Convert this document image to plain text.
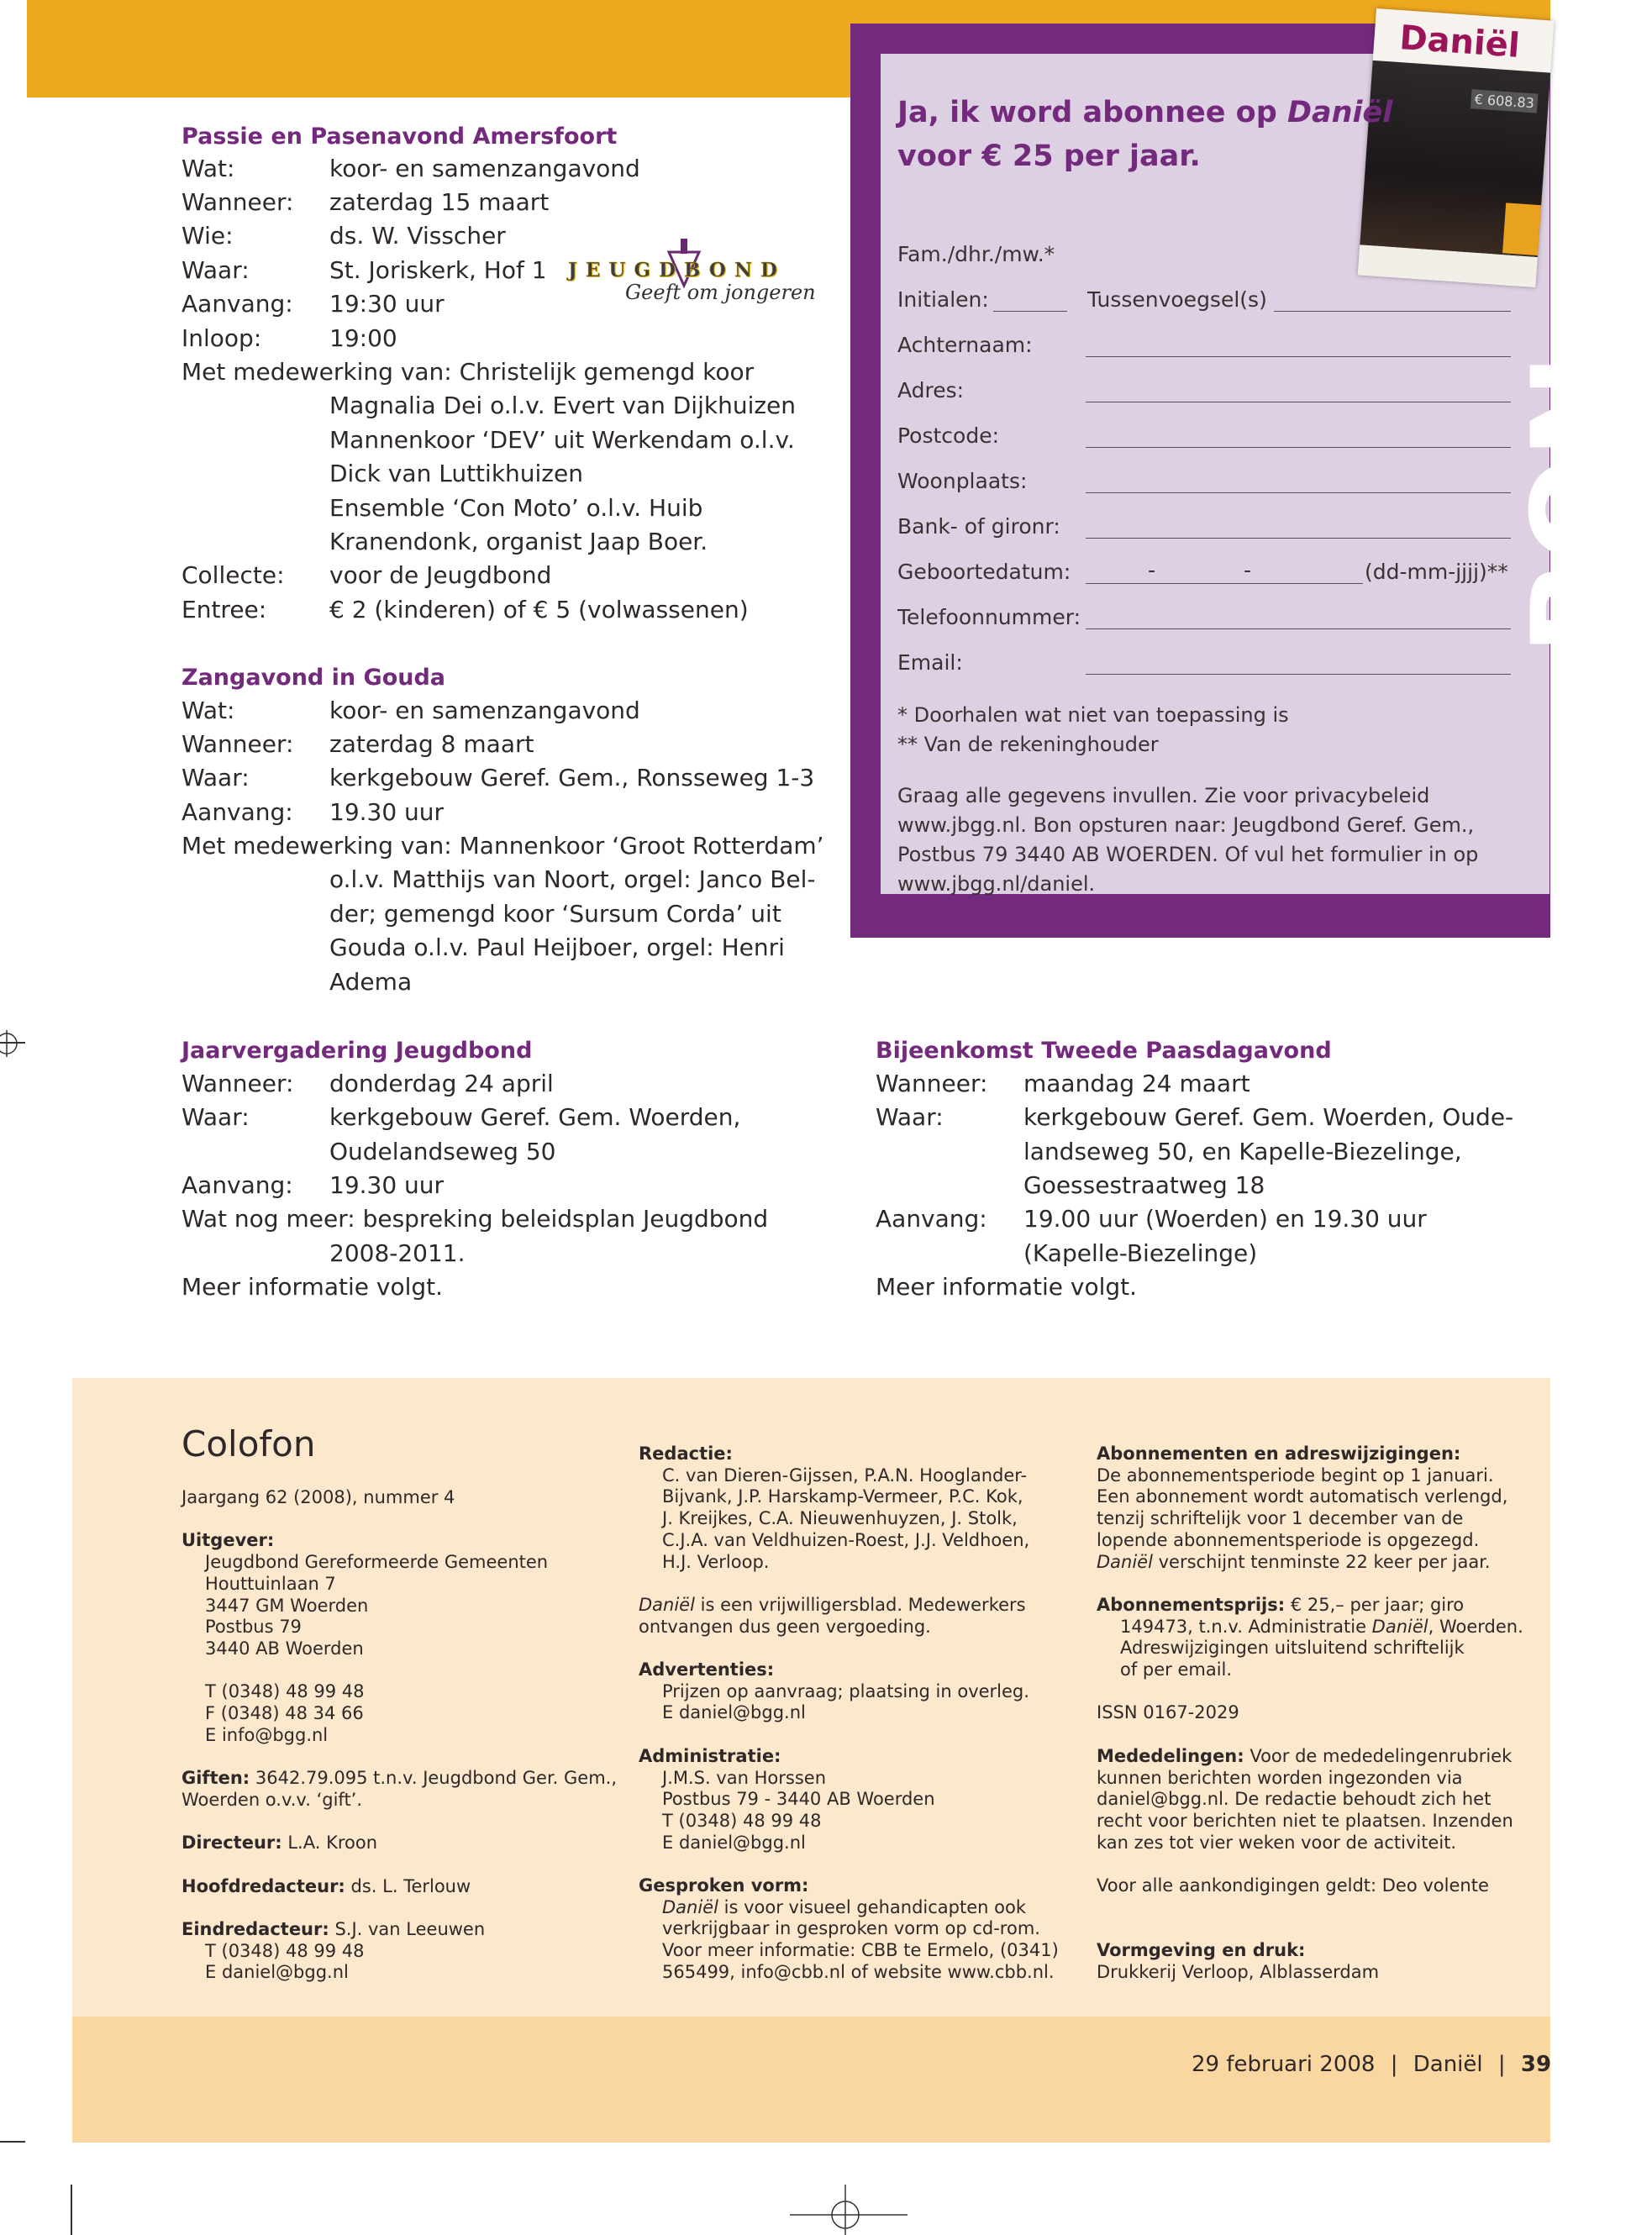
BON
Daniël
€ 608.83
Ja, ik word abonnee op Daniël
voor € 25 per jaar.
Fam./dhr./mw.*
Initialen:	Tussenvoegsel(s)
Achternaam:
Adres:
Postcode:
Woonplaats:
Bank- of gironr:
Geboortedatum:	-	-	(dd-mm-jjjj)**
Telefoonnummer:
Email:
* Doorhalen wat niet van toepassing is
** Van de rekeninghouder
Graag alle gegevens invullen. Zie voor privacybeleid
www.jbgg.nl. Bon opsturen naar: Jeugdbond Geref. Gem.,
Postbus 79 3440 AB WOERDEN. Of vul het formulier in op
www.jbgg.nl/daniel.
JEUGDBOND
Geeft om jongeren
Passie en Pasenavond Amersfoort
Wat:	koor- en samenzangavond
Wanneer: zaterdag 15 maart
Wie:	ds. W. Visscher
Waar:	St. Joriskerk, Hof 1
Aanvang: 19:30 uur
Inloop:	19:00
Met medewerking van: Christelijk gemengd koor
Magnalia Dei o.l.v. Evert van Dijkhuizen
Mannenkoor ‘DEV’ uit Werkendam o.l.v.
Dick van Luttikhuizen
Ensemble ‘Con Moto’ o.l.v. Huib
Kranendonk, organist Jaap Boer.
Collecte: voor de Jeugdbond
Entree:	€ 2 (kinderen) of € 5 (volwassenen)
Zangavond in Gouda
Wat:	koor- en samenzangavond
Wanneer: zaterdag 8 maart
Waar:	kerkgebouw Geref. Gem., Ronsseweg 1-3
Aanvang: 19.30 uur
Met medewerking van: Mannenkoor ‘Groot Rotterdam’
o.l.v. Matthijs van Noort, orgel: Janco Bel-
der; gemengd koor ‘Sursum Corda’ uit
Gouda o.l.v. Paul Heijboer, orgel: Henri
Adema
Jaarvergadering Jeugdbond
Wanneer: donderdag 24 april
Waar:	kerkgebouw Geref. Gem. Woerden,
Oudelandseweg 50
Aanvang: 19.30 uur
Wat nog meer: bespreking beleidsplan Jeugdbond
2008-2011.
Meer informatie volgt.
Bijeenkomst Tweede Paasdagavond
Wanneer: maandag 24 maart
Waar:	kerkgebouw Geref. Gem. Woerden, Oude-
landseweg 50, en Kapelle-Biezelinge,
Goessestraatweg 18
Aanvang: 19.00 uur (Woerden) en 19.30 uur
(Kapelle-Biezelinge)
Meer informatie volgt.
Colofon
Jaargang 62 (2008), nummer 4

Uitgever:
Jeugdbond Gereformeerde Gemeenten
Houttuinlaan 7
3447 GM Woerden
Postbus 79
3440 AB Woerden

T (0348) 48 99 48
F (0348) 48 34 66
E info@bgg.nl

Giften: 3642.79.095 t.n.v. Jeugdbond Ger. Gem.,
Woerden o.v.v. ‘gift’.

Directeur: L.A. Kroon

Hoofdredacteur: ds. L. Terlouw

Eindredacteur: S.J. van Leeuwen
T (0348) 48 99 48
E daniel@bgg.nl
Redactie:
C. van Dieren-Gijssen, P.A.N. Hooglander-
Bijvank, J.P. Harskamp-Vermeer, P.C. Kok,
J. Kreijkes, C.A. Nieuwenhuyzen, J. Stolk,
C.J.A. van Veldhuizen-Roest, J.J. Veldhoen,
H.J. Verloop.

Daniël is een vrijwilligersblad. Medewerkers
ontvangen dus geen vergoeding.

Advertenties:
Prijzen op aanvraag; plaatsing in overleg.
E daniel@bgg.nl

Administratie:
J.M.S. van Horssen
Postbus 79 - 3440 AB Woerden
T (0348) 48 99 48
E daniel@bgg.nl

Gesproken vorm:
Daniël is voor visueel gehandicapten ook
verkrijgbaar in gesproken vorm op cd-rom.
Voor meer informatie: CBB te Ermelo, (0341)
565499, info@cbb.nl of website www.cbb.nl.
Abonnementen en adreswijzigingen:
De abonnementsperiode begint op 1 januari.
Een abonnement wordt automatisch verlengd,
tenzij schriftelijk voor 1 december van de
lopende abonnementsperiode is opgezegd.
Daniël verschijnt tenminste 22 keer per jaar.

Abonnementsprijs: € 25,– per jaar; giro
149473, t.n.v. Administratie Daniël, Woerden.
Adreswijzigingen uitsluitend schriftelijk
of per email.

ISSN 0167-2029

Mededelingen: Voor de mededelingenrubriek
kunnen berichten worden ingezonden via
daniel@bgg.nl. De redactie behoudt zich het
recht voor berichten niet te plaatsen. Inzenden
kan zes tot vier weken voor de activiteit.

Voor alle aankondigingen geldt: Deo volente

Vormgeving en druk:
Drukkerij Verloop, Alblasserdam
29 februari 2008 | Daniël | 39
